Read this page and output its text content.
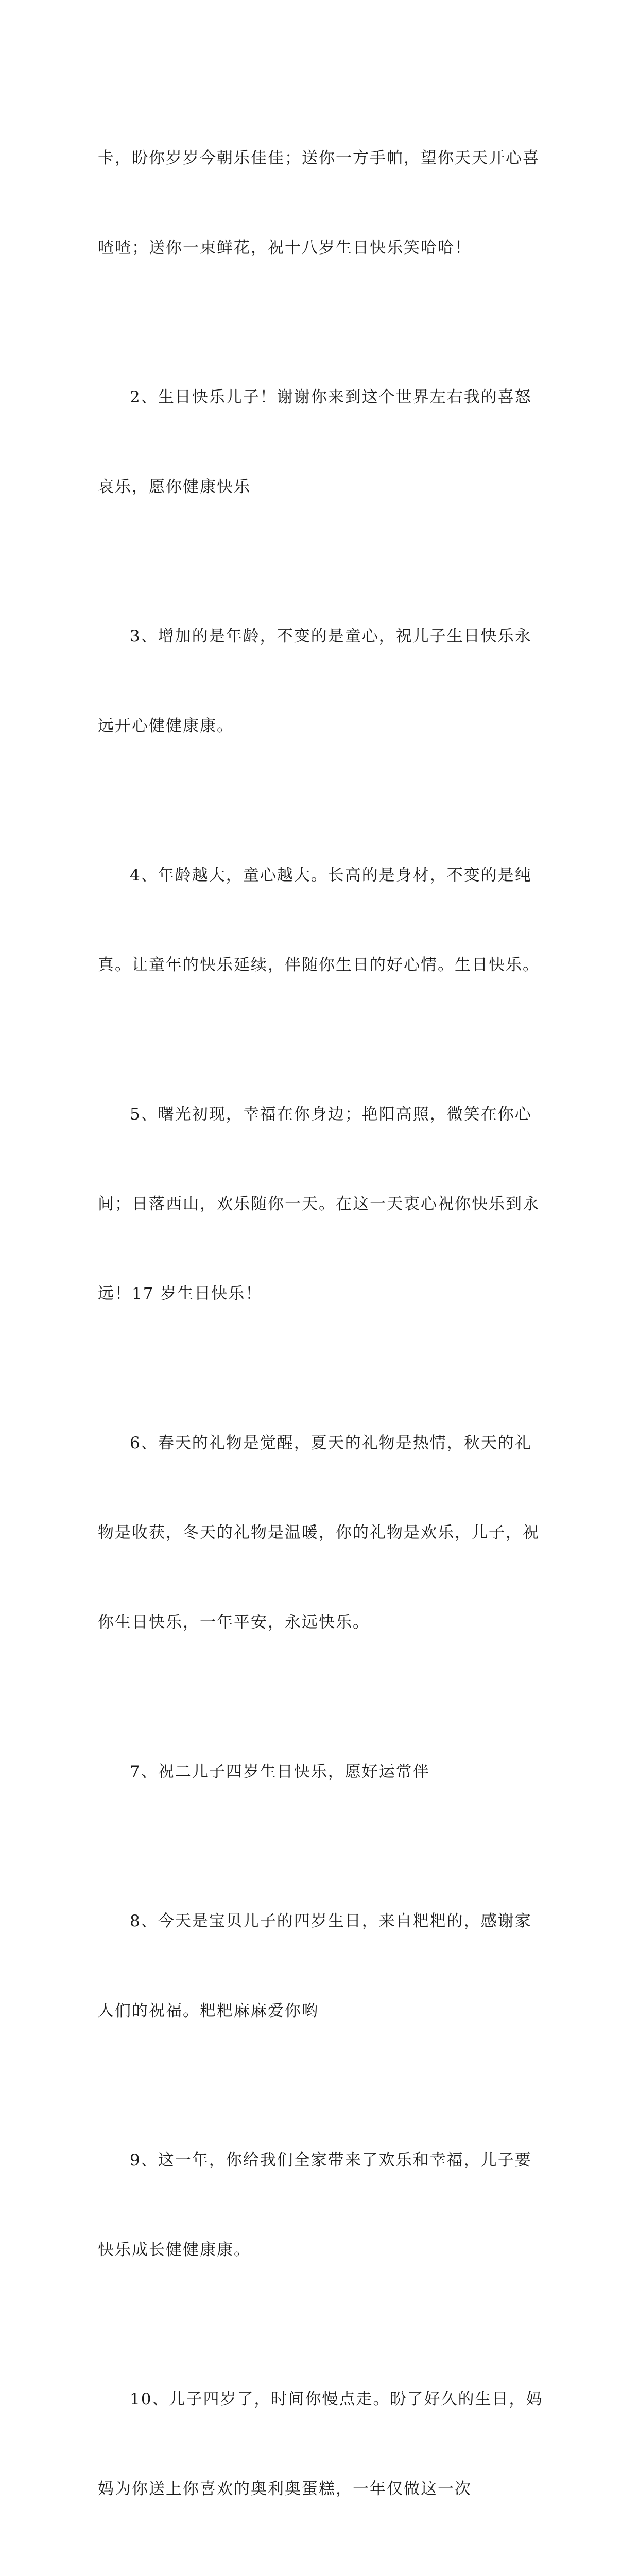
卡，盼你岁岁今朝乐佳佳；送你一方手帕，望你天天开心喜

喳喳；送你一束鲜花，祝十八岁生日快乐笑哈哈！

2、生日快乐儿子！谢谢你来到这个世界左右我的喜怒

哀乐，愿你健康快乐

3、增加的是年龄，不变的是童心，祝儿子生日快乐永

远开心健健康康。

4、年龄越大，童心越大。长高的是身材，不变的是纯

真。让童年的快乐延续，伴随你生日的好心情。生日快乐。

5、曙光初现，幸福在你身边；艳阳高照，微笑在你心

间；日落西山，欢乐随你一天。在这一天衷心祝你快乐到永

远！17 岁生日快乐！

6、春天的礼物是觉醒，夏天的礼物是热情，秋天的礼

物是收获，冬天的礼物是温暖，你的礼物是欢乐，儿子，祝

你生日快乐，一年平安，永远快乐。

7、祝二儿子四岁生日快乐，愿好运常伴

8、今天是宝贝儿子的四岁生日，来自粑粑的，感谢家

人们的祝福。粑粑麻麻爱你哟

9、这一年，你给我们全家带来了欢乐和幸福，儿子要

快乐成长健健康康。

10、儿子四岁了，时间你慢点走。盼了好久的生日，妈

妈为你送上你喜欢的奥利奥蛋糕，一年仅做这一次
